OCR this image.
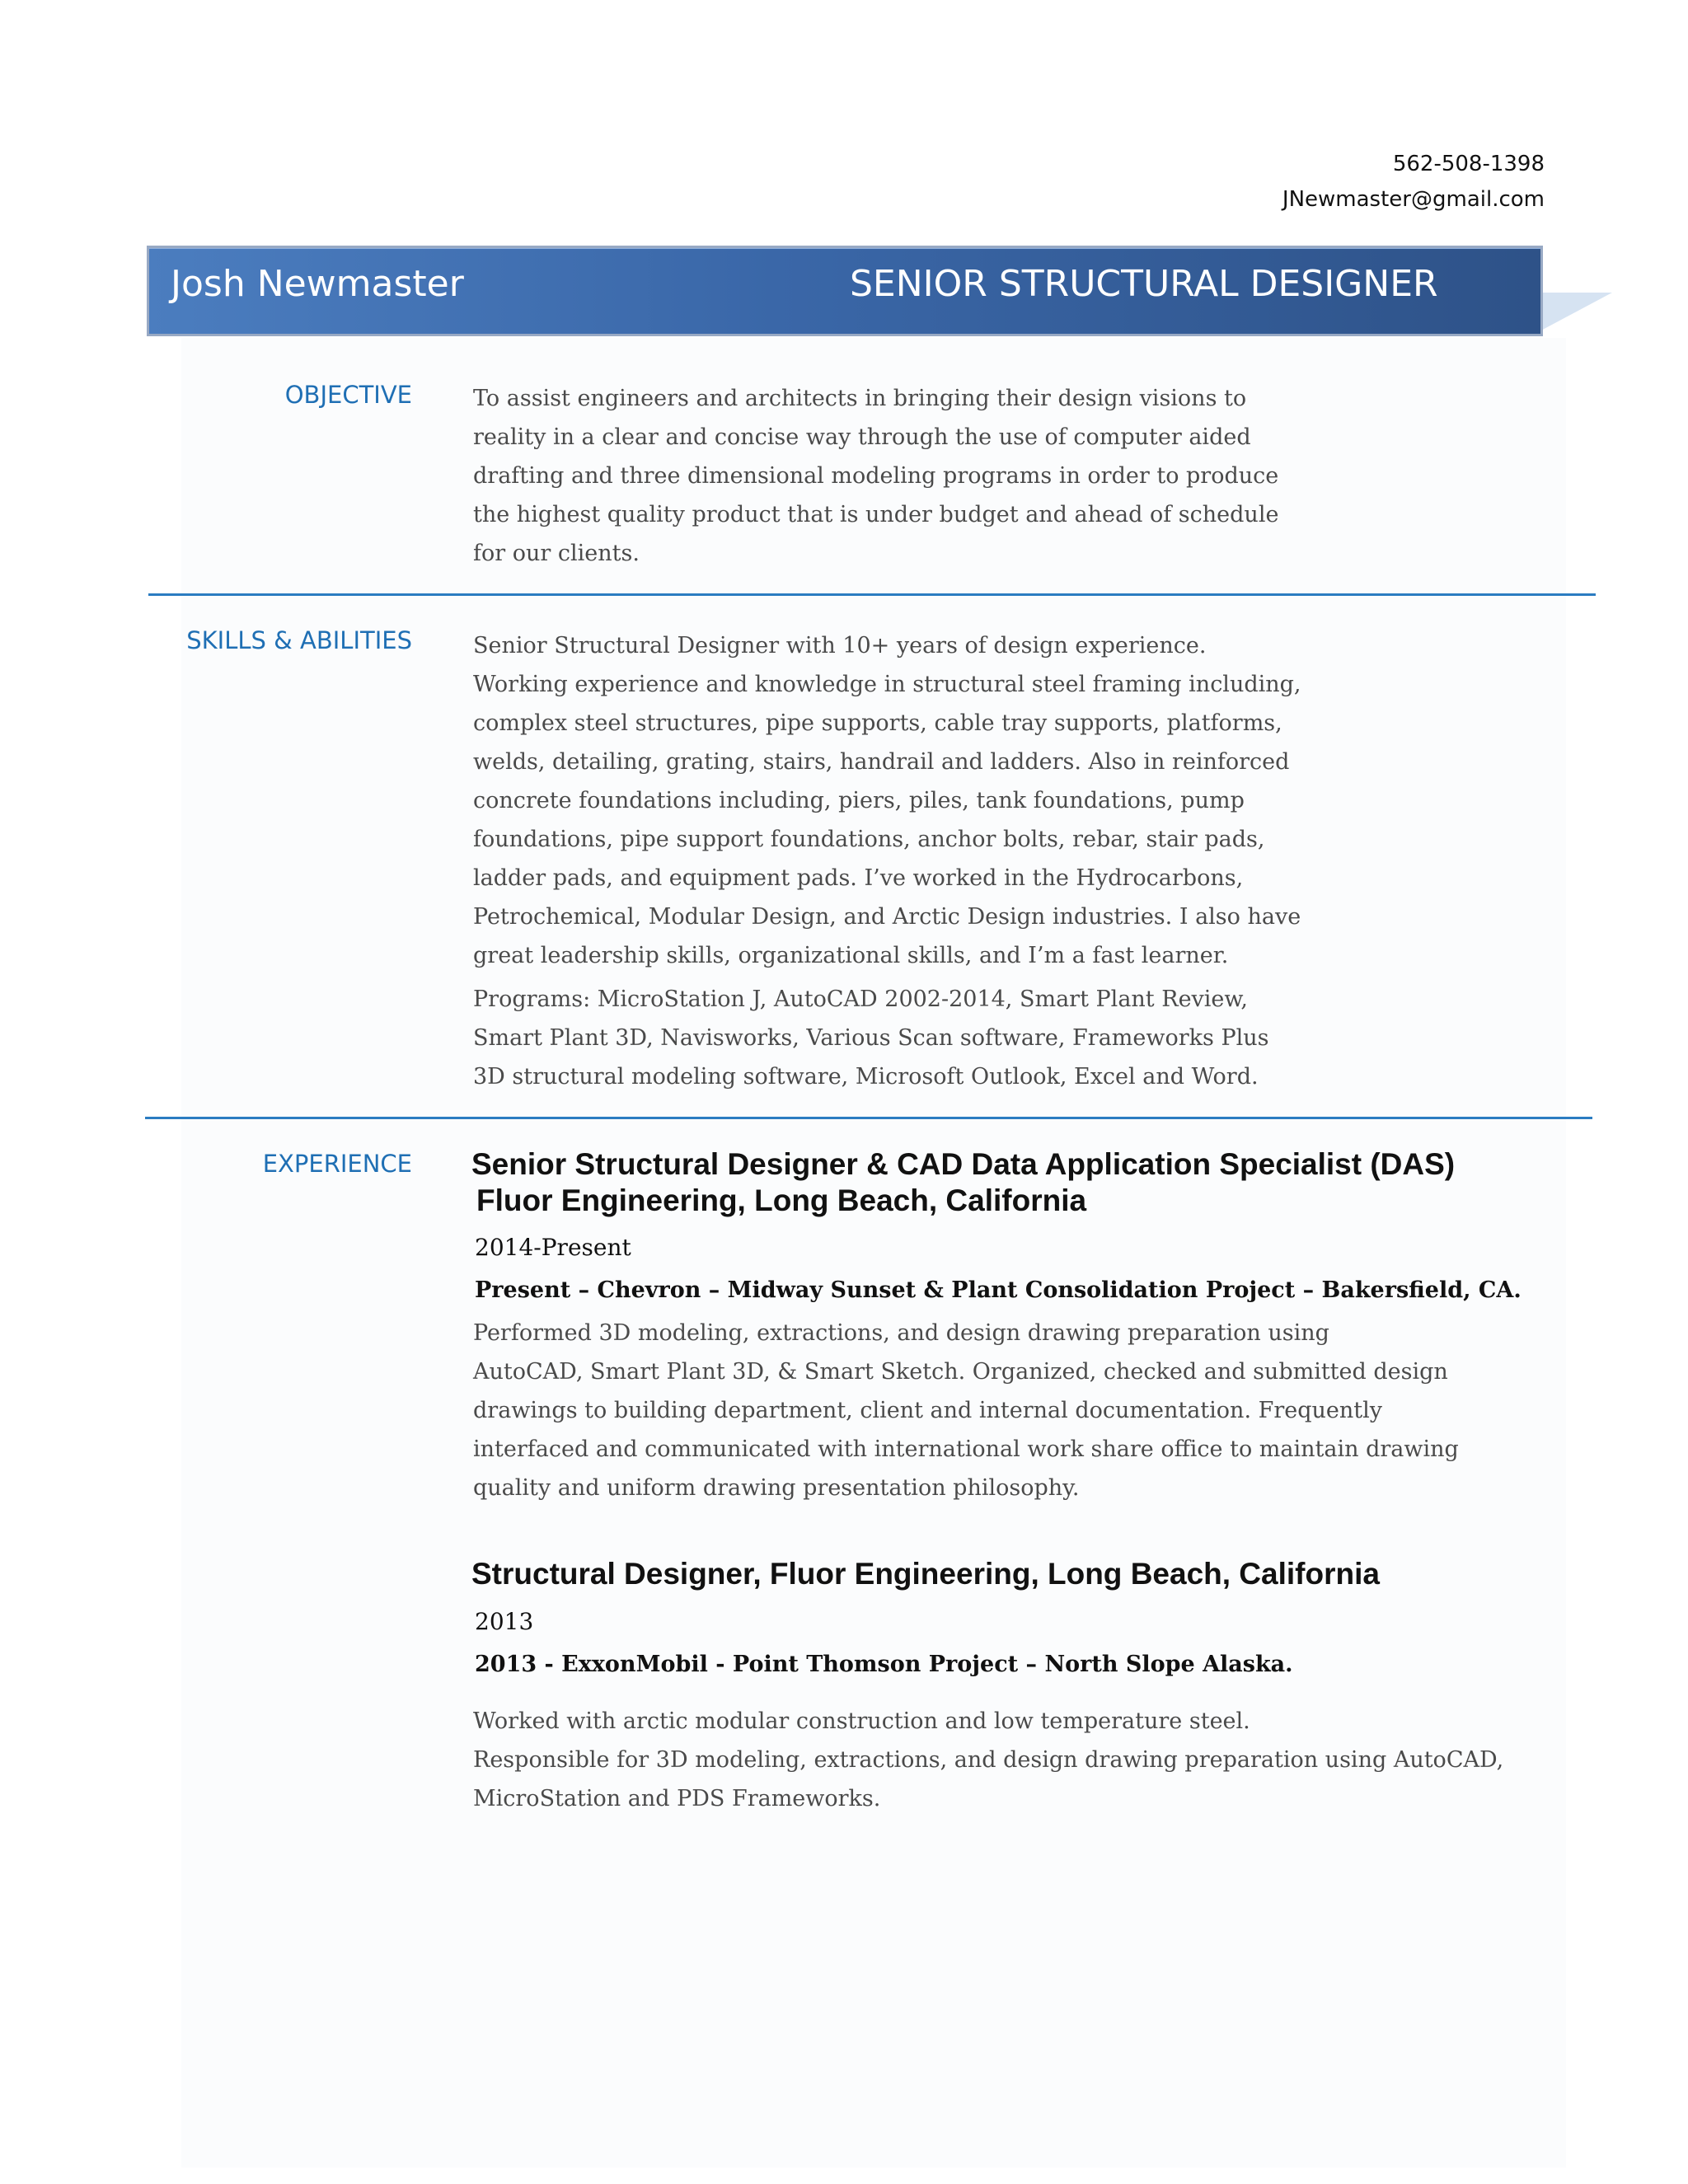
562-508-1398
JNewmaster@gmail.com
Josh Newmaster	SENIOR STRUCTURAL DESIGNER
OBJECTIVE	To assist engineers and architects in bringing their design visions to
reality in a clear and concise way through the use of computer aided
drafting and three dimensional modeling programs in order to produce
the highest quality product that is under budget and ahead of schedule
for our clients.
SKILLS & ABILITIES	Senior Structural Designer with 10+ years of design experience.
Working experience and knowledge in structural steel framing including,
complex steel structures, pipe supports, cable tray supports, platforms,
welds, detailing, grating, stairs, handrail and ladders. Also in reinforced
concrete foundations including, piers, piles, tank foundations, pump
foundations, pipe support foundations, anchor bolts, rebar, stair pads,
ladder pads, and equipment pads. I’ve worked in the Hydrocarbons,
Petrochemical, Modular Design, and Arctic Design industries. I also have
great leadership skills, organizational skills, and I’m a fast learner.
Programs: MicroStation J, AutoCAD 2002-2014, Smart Plant Review,
Smart Plant 3D, Navisworks, Various Scan software, Frameworks Plus
3D structural modeling software, Microsoft Outlook, Excel and Word.
EXPERIENCE Senior Structural Designer & CAD Data Application Specialist (DAS)
Fluor Engineering, Long Beach, California
2014-Present
Present – Chevron – Midway Sunset & Plant Consolidation Project – Bakersfield, CA.
Performed 3D modeling, extractions, and design drawing preparation using
AutoCAD, Smart Plant 3D, & Smart Sketch. Organized, checked and submitted design
drawings to building department, client and internal documentation. Frequently
interfaced and communicated with international work share office to maintain drawing
quality and uniform drawing presentation philosophy.
Structural Designer, Fluor Engineering, Long Beach, California
2013
2013 - ExxonMobil - Point Thomson Project – North Slope Alaska.
Worked with arctic modular construction and low temperature steel.
Responsible for 3D modeling, extractions, and design drawing preparation using AutoCAD,
MicroStation and PDS Frameworks.
